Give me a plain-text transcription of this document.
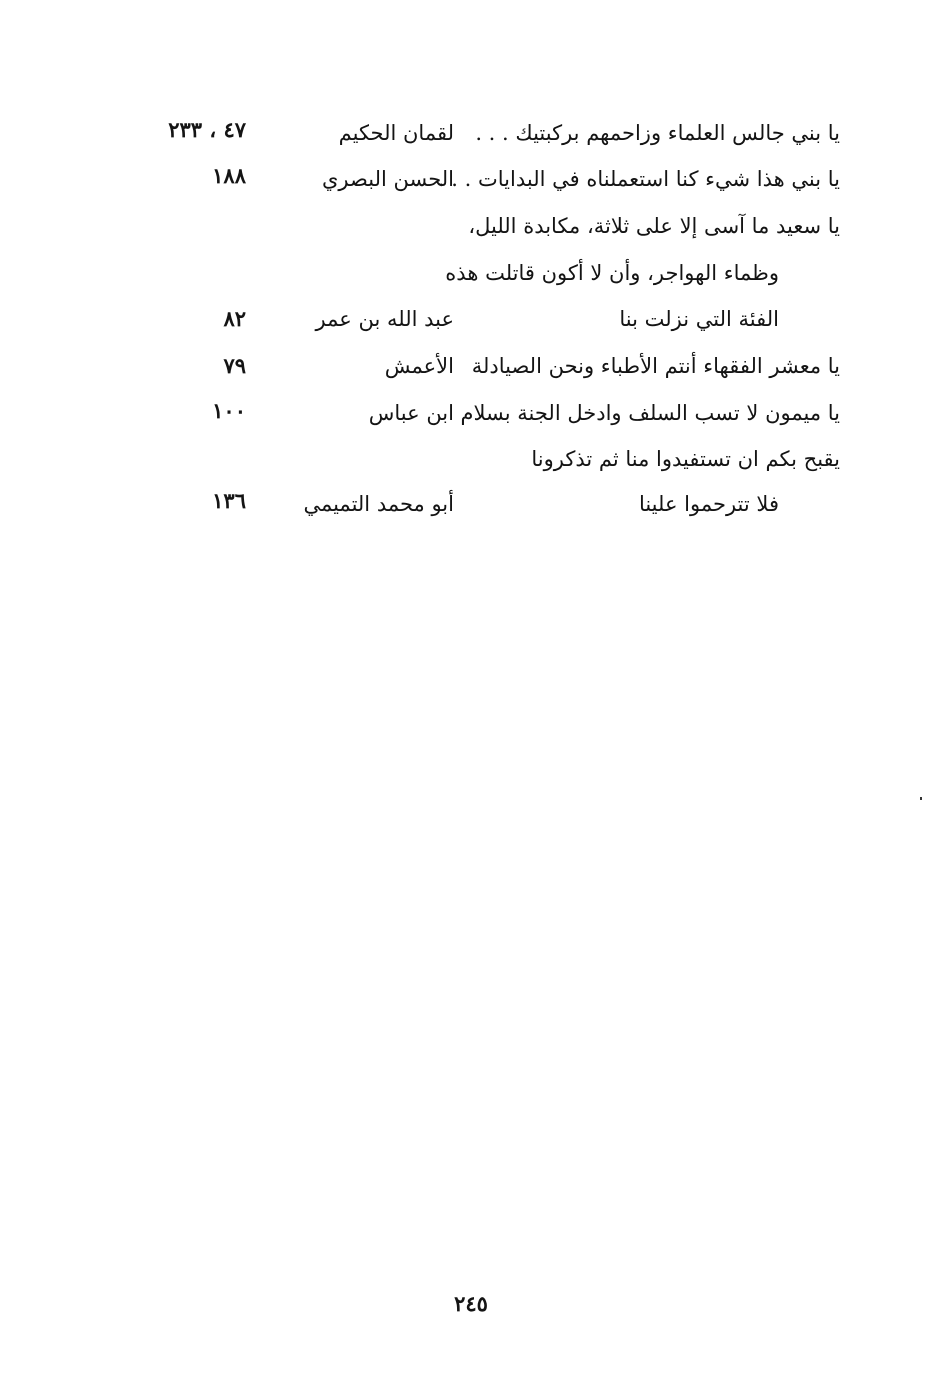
يا بني جالس العلماء وزاحمهم بركبتيك . . .
لقمان الحكيم
٤٧ ، ٢٣٣
يا بني هذا شيء كنا استعملناه في البدايات . . .
الحسن البصري
١٨٨
يا سعيد ما آسى إلا على ثلاثة، مكابدة الليل،
وظماء الهواجر، وأن لا أكون قاتلت هذه
الفئة التي نزلت بنا
عبد الله بن عمر
٨٢
يا معشر الفقهاء أنتم الأطباء ونحن الصيادلة
الأعمش
٧٩
يا ميمون لا تسب السلف وادخل الجنة بسلام
ابن عباس
١٠٠
يقبح بكم ان تستفيدوا منا ثم تذكرونا
فلا تترحموا علينا
أبو محمد التميمي
١٣٦
٢٤٥
